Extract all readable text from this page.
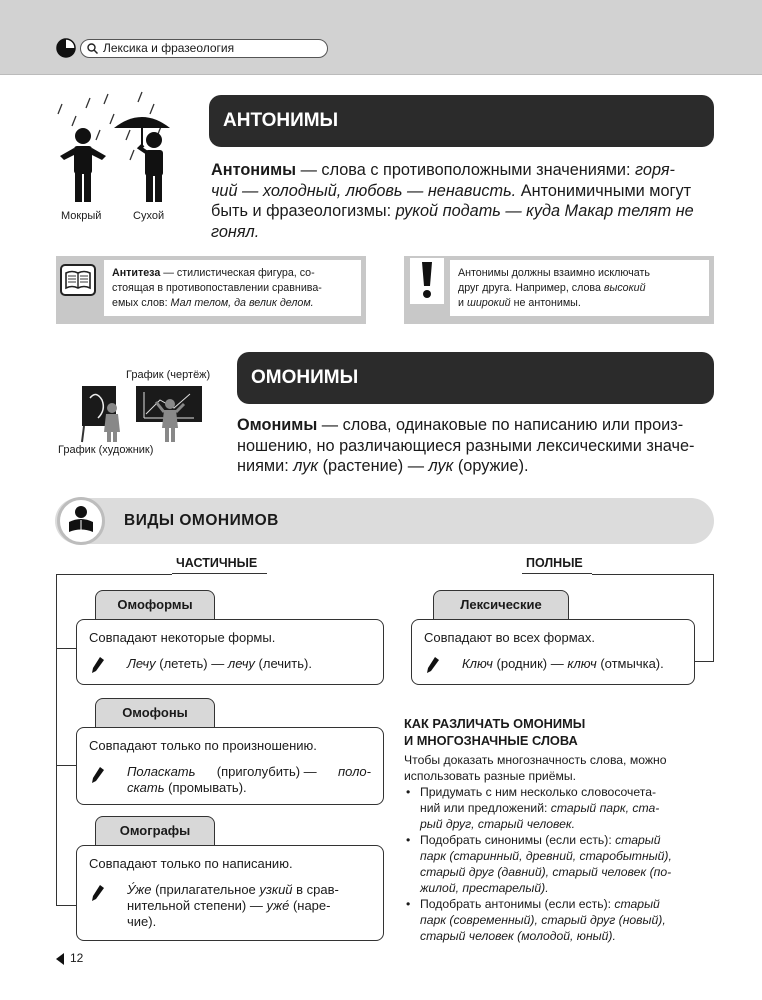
Лексика и фразеология
Мокрый	Сухой
АНТОНИМЫ
Антонимы — слова с противоположными значениями: горя-
чий — холодный, любовь — ненависть. Антонимичными могут
быть и фразеологизмы: рукой подать — куда Макар телят не
гонял.
Антитеза — стилистическая фигура, со-
стоящая в противопоставлении сравнива-
емых слов: Мал телом, да велик делом.
Антонимы должны взаимно исключать
друг друга. Например, слова высокий
и широкий не антонимы.
График (чертёж)
График (художник)
ОМОНИМЫ
Омонимы — слова, одинаковые по написанию или произ-
ношению, но различающиеся разными лексическими значе-
ниями: лук (растение) — лук (оружие).
ВИДЫ ОМОНИМОВ
ЧАСТИЧНЫЕ	ПОЛНЫЕ
Омоформы
Совпадают некоторые формы.
Лечу (лететь) — лечу (лечить).
Омофоны
Совпадают только по произношению.
Поласкать (приголубить) — поло-
скать (промывать).
Омографы
Совпадают только по написанию.
У́же (прилагательное узкий в срав-
нительной степени) — уже́ (наре-
чие).
Лексические
Совпадают во всех формах.
Ключ (родник) — ключ (отмычка).
КАК РАЗЛИЧАТЬ ОМОНИМЫ
И МНОГОЗНАЧНЫЕ СЛОВА
Чтобы доказать многозначность слова, можно
использовать разные приёмы.
• Придумать с ним несколько словосочета-
ний или предложений: старый парк, ста-
рый друг, старый человек.
• Подобрать синонимы (если есть): старый
парк (старинный, древний, старобытный),
старый друг (давний), старый человек (по-
жилой, престарелый).
• Подобрать антонимы (если есть): старый
парк (современный), старый друг (новый),
старый человек (молодой, юный).
12
